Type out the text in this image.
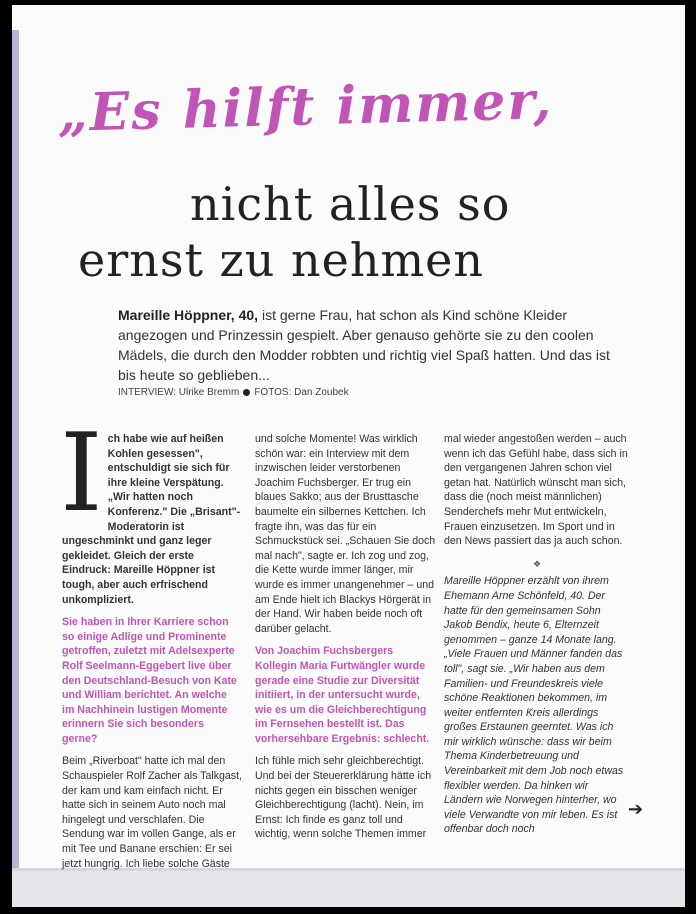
„Es hilft immer,
nicht alles so
ernst zu nehmen
Mareille Höppner, 40, ist gerne Frau, hat schon als Kind schöne Kleider angezogen und Prinzessin gespielt. Aber genauso gehörte sie zu den coolen Mädels, die durch den Modder robbten und richtig viel Spaß hatten. Und das ist bis heute so geblieben...
INTERVIEW: Ulrike Bremm FOTOS: Dan Zoubek
I ch habe wie auf heißen Kohlen gesessen", entschuldigt sie sich für ihre kleine Verspätung. „Wir hatten noch Konferenz." Die „Brisant"-Moderatorin ist ungeschminkt und ganz leger gekleidet. Gleich der erste Eindruck: Mareille Höppner ist tough, aber auch erfrischend unkompliziert.

Sie haben in Ihrer Karriere schon so einige Adlige und Prominente getroffen, zuletzt mit Adelsexperte Rolf Seelmann-Eggebert live über den Deutschland-Besuch von Kate und William berichtet. An welche im Nachhinein lustigen Momente erinnern Sie sich besonders gerne?

Beim „Riverboat" hatte ich mal den Schauspieler Rolf Zacher als Talkgast, der kam und kam einfach nicht. Er hatte sich in seinem Auto noch mal hingelegt und verschlafen. Die Sendung war im vollen Gange, als er mit Tee und Banane erschien: Er sei jetzt hungrig. Ich liebe solche Gäste

und solche Momente! Was wirklich schön war: ein Interview mit dem inzwischen leider verstorbenen Joachim Fuchsberger. Er trug ein blaues Sakko; aus der Brusttasche baumelte ein silbernes Kettchen. Ich fragte ihn, was das für ein Schmuckstück sei. „Schauen Sie doch mal nach", sagte er. Ich zog und zog, die Kette wurde immer länger, mir wurde es immer unangenehmer – und am Ende hielt ich Blackys Hörgerät in der Hand. Wir haben beide noch oft darüber gelacht.

Von Joachim Fuchsbergers Kollegin Maria Furtwängler wurde gerade eine Studie zur Diversität initiiert, in der untersucht wurde, wie es um die Gleichberechtigung im Fernsehen bestellt ist. Das vorhersehbare Ergebnis: schlecht.

Ich fühle mich sehr gleichberechtigt. Und bei der Steuererklärung hätte ich nichts gegen ein bisschen weniger Gleichberechtigung (lacht). Nein, im Ernst: Ich finde es ganz toll und wichtig, wenn solche Themen immer

mal wieder angestoßen werden – auch wenn ich das Gefühl habe, dass sich in den vergangenen Jahren schon viel getan hat. Natürlich wünscht man sich, dass die (noch meist männlichen) Senderchefs mehr Mut entwickeln, Frauen einzusetzen. Im Sport und in den News passiert das ja auch schon.

❖

Mareille Höppner erzählt von ihrem Ehemann Arne Schönfeld, 40. Der hatte für den gemeinsamen Sohn Jakob Bendix, heute 6, Elternzeit genommen – ganze 14 Monate lang. „Viele Frauen und Männer fanden das toll", sagt sie. „Wir haben aus dem Familien- und Freundeskreis viele schöne Reaktionen bekommen, im weiter entfernten Kreis allerdings großes Erstaunen geerntet. Was ich mir wirklich wünsche: dass wir beim Thema Kinderbetreuung und Vereinbarkeit mit dem Job noch etwas flexibler werden. Da hinken wir Ländern wie Norwegen hinterher, wo viele Verwandte von mir leben. Es ist offenbar doch noch

➔
